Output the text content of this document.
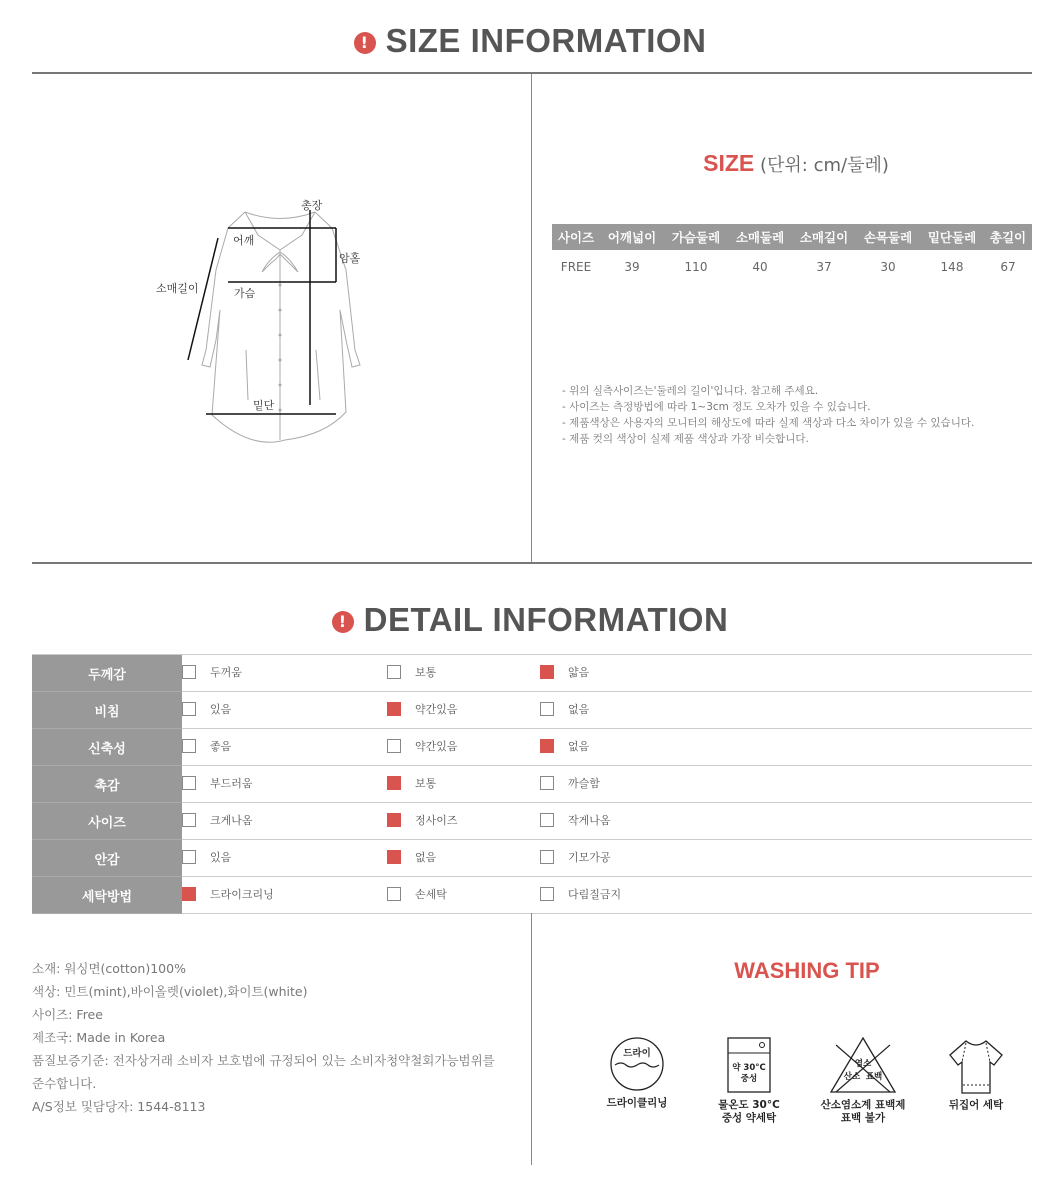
! SIZE INFORMATION
총장
어깨
암홀
소매길이	가슴
밑단
SIZE (단위: cm/둘레)
사이즈	어깨넓이	가슴둘레	소매둘레	소매길이	손목둘레	밑단둘레	총길이
FREE	39	110	40	37	30	148	67
- 위의 실측사이즈는'둘레의 길이'입니다. 참고해 주세요.
- 사이즈는 측정방법에 따라 1~3cm 정도 오차가 있을 수 있습니다.
- 제품색상은 사용자의 모니터의 해상도에 따라 실제 색상과 다소 차이가 있을 수 있습니다.
- 제품 컷의 색상이 실제 제품 색상과 가장 비슷합니다.
! DETAIL INFORMATION
두께감	두꺼움	보통	얇음

비침	있음	약간있음	없음

신축성	좋음	약간있음	없음

촉감	부드러움	보통	까슬함

사이즈	크게나옴	정사이즈	작게나옴

안감	있음	없음	기모가공

세탁방법	드라이크리닝	손세탁	다림질금지
소재: 워싱면(cotton)100%
색상: 민트(mint),바이올렛(violet),화이트(white)
사이즈: Free
제조국: Made in Korea
품질보증기준: 전자상거래 소비자 보호법에 규정되어 있는 소비자청약철회가능범위를
준수합니다.
A/S정보 및담당자: 1544-8113
WASHING TIP
드라이
드라이클리닝
약 30°C
중성
물온도 30°C
중성 약세탁
염소
산소 표백
산소염소계 표백제
표백 불가
뒤집어 세탁
